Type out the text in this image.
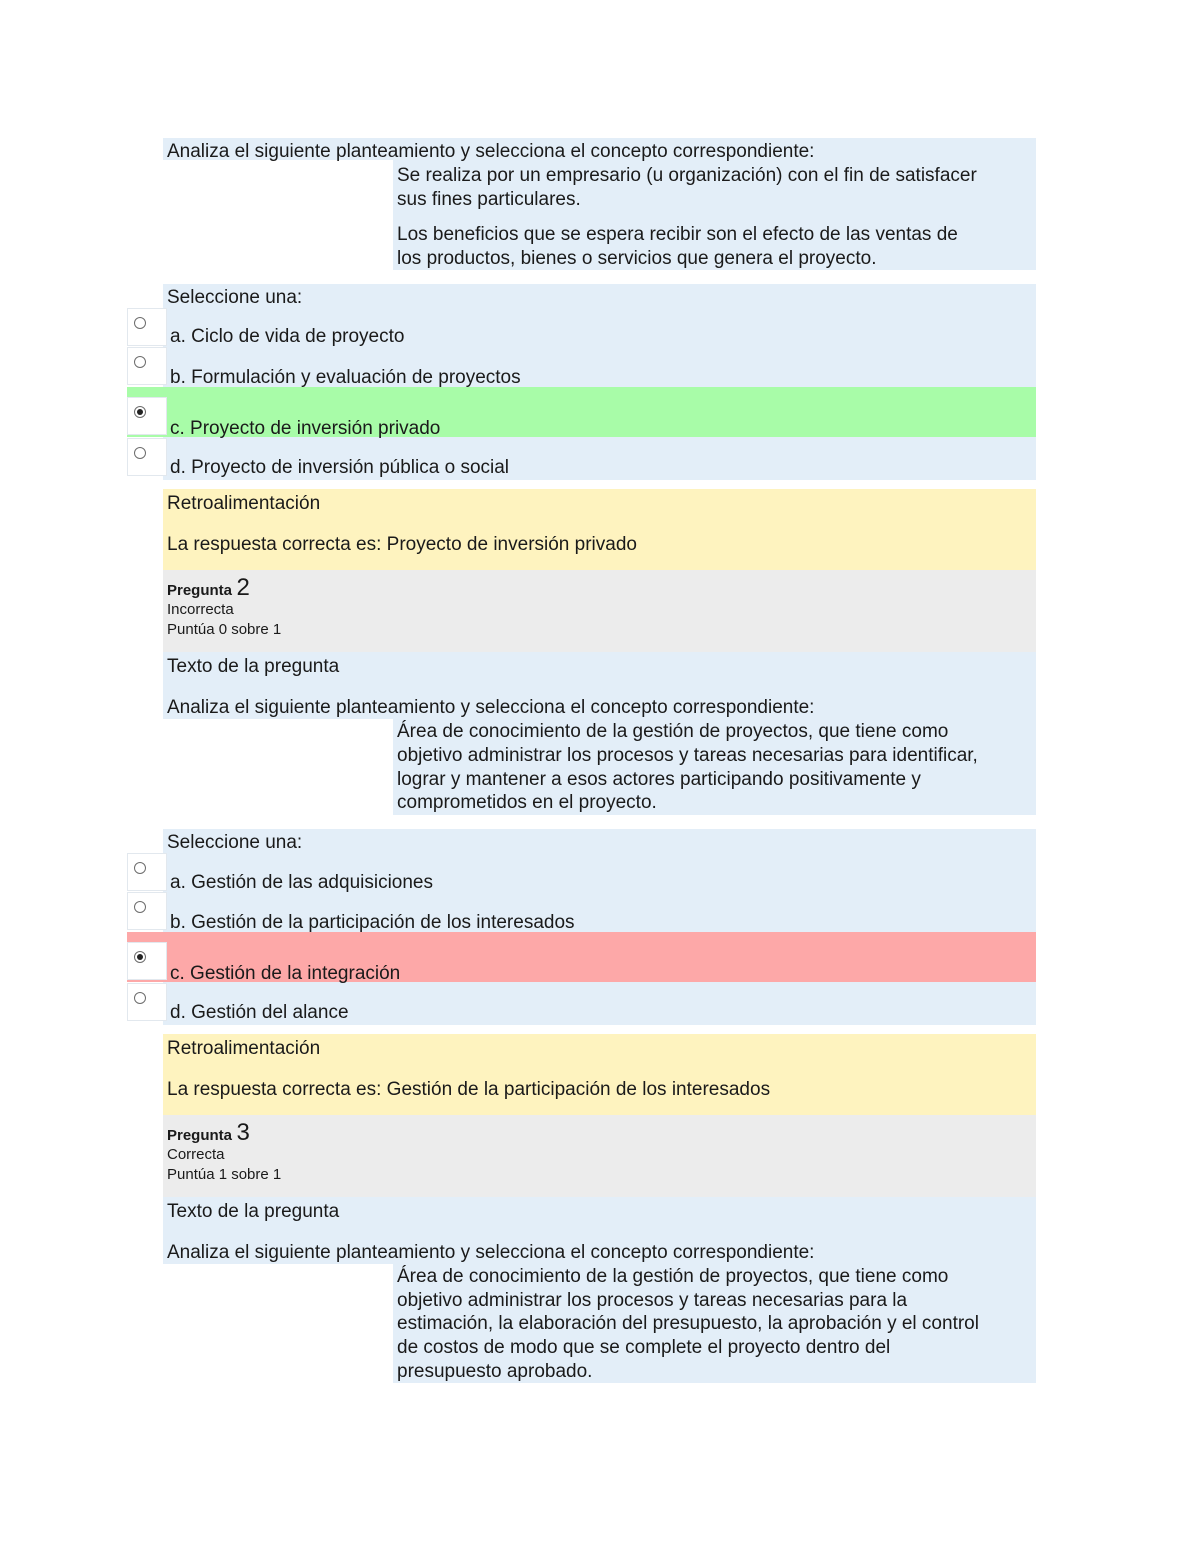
Analiza el siguiente planteamiento y selecciona el concepto correspondiente:
Se realiza por un empresario (u organización) con el fin de satisfacer
sus fines particulares.
Los beneficios que se espera recibir son el efecto de las ventas de
los productos, bienes o servicios que genera el proyecto.
Seleccione una:
a. Ciclo de vida de proyecto
b. Formulación y evaluación de proyectos
c. Proyecto de inversión privado
d. Proyecto de inversión pública o social
Retroalimentación
La respuesta correcta es: Proyecto de inversión privado
Pregunta 2
Incorrecta
Puntúa 0 sobre 1
Texto de la pregunta
Analiza el siguiente planteamiento y selecciona el concepto correspondiente:
Área de conocimiento de la gestión de proyectos, que tiene como
objetivo administrar los procesos y tareas necesarias para identificar,
lograr y mantener a esos actores participando positivamente y
comprometidos en el proyecto.
Seleccione una:
a. Gestión de las adquisiciones
b. Gestión de la participación de los interesados
c. Gestión de la integración
d. Gestión del alance
Retroalimentación
La respuesta correcta es: Gestión de la participación de los interesados
Pregunta 3
Correcta
Puntúa 1 sobre 1
Texto de la pregunta
Analiza el siguiente planteamiento y selecciona el concepto correspondiente:
Área de conocimiento de la gestión de proyectos, que tiene como
objetivo administrar los procesos y tareas necesarias para la
estimación, la elaboración del presupuesto, la aprobación y el control
de costos de modo que se complete el proyecto dentro del
presupuesto aprobado.
